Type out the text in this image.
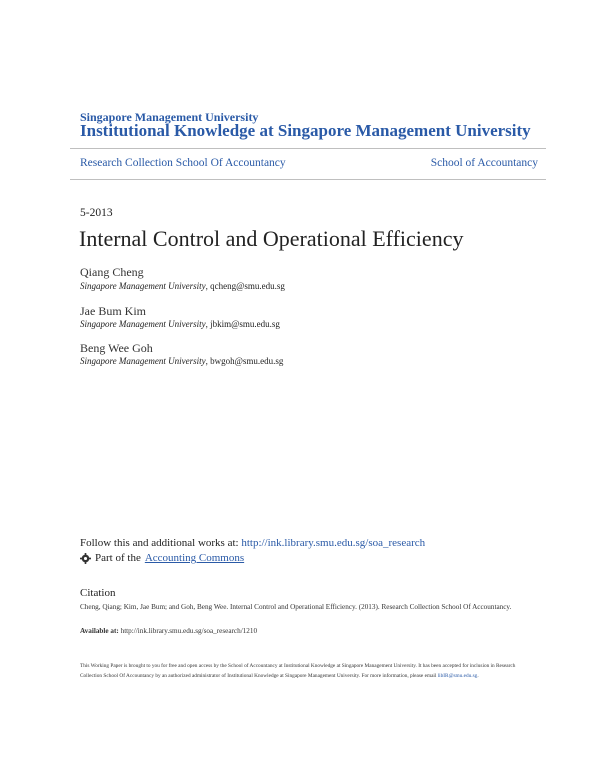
Singapore Management University
Institutional Knowledge at Singapore Management University
Research Collection School Of Accountancy	School of Accountancy
5-2013
Internal Control and Operational Efficiency
Qiang Cheng
Singapore Management University, qcheng@smu.edu.sg
Jae Bum Kim
Singapore Management University, jbkim@smu.edu.sg
Beng Wee Goh
Singapore Management University, bwgoh@smu.edu.sg
Follow this and additional works at: http://ink.library.smu.edu.sg/soa_research
Part of the Accounting Commons
Citation
Cheng, Qiang; Kim, Jae Bum; and Goh, Beng Wee. Internal Control and Operational Efficiency. (2013). Research Collection School Of Accountancy.
Available at: http://ink.library.smu.edu.sg/soa_research/1210
This Working Paper is brought to you for free and open access by the School of Accountancy at Institutional Knowledge at Singapore Management University. It has been accepted for inclusion in Research Collection School Of Accountancy by an authorized administrator of Institutional Knowledge at Singapore Management University. For more information, please email libIR@smu.edu.sg.
